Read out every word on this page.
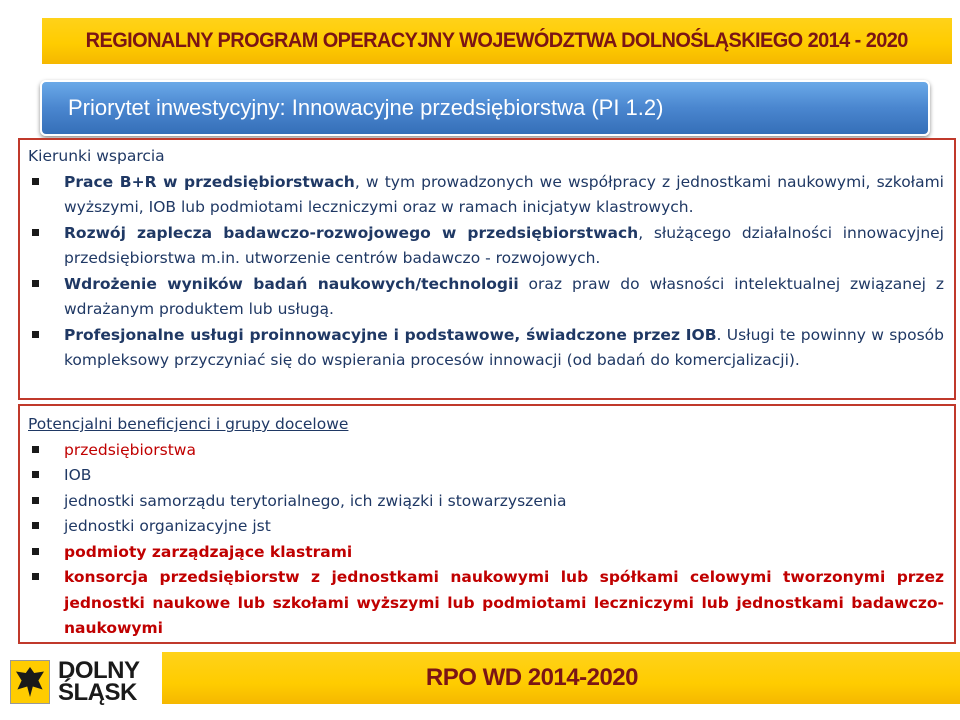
REGIONALNY PROGRAM OPERACYJNY WOJEWÓDZTWA DOLNOŚLĄSKIEGO 2014 - 2020
Priorytet inwestycyjny: Innowacyjne przedsiębiorstwa (PI 1.2)
Kierunki wsparcia
Prace B+R w przedsiębiorstwach, w tym prowadzonych we współpracy z jednostkami naukowymi, szkołami wyższymi, IOB lub podmiotami leczniczymi oraz w ramach inicjatyw klastrowych.
Rozwój zaplecza badawczo-rozwojowego w przedsiębiorstwach, służącego działalności innowacyjnej przedsiębiorstwa m.in. utworzenie centrów badawczo - rozwojowych.
Wdrożenie wyników badań naukowych/technologii oraz praw do własności intelektualnej związanej z wdrażanym produktem lub usługą.
Profesjonalne usługi proinnowacyjne i podstawowe, świadczone przez IOB. Usługi te powinny w sposób kompleksowy przyczyniać się do wspierania procesów innowacji (od badań do komercjalizacji).
Potencjalni beneficjenci i grupy docelowe
przedsiębiorstwa
IOB
jednostki samorządu terytorialnego, ich związki i stowarzyszenia
jednostki organizacyjne jst
podmioty zarządzające klastrami
konsorcja przedsiębiorstw z jednostkami naukowymi lub spółkami celowymi tworzonymi przez jednostki naukowe lub szkołami wyższymi lub podmiotami leczniczymi lub jednostkami badawczo-naukowymi
DOLNY
ŚLĄSK
RPO WD 2014-2020
